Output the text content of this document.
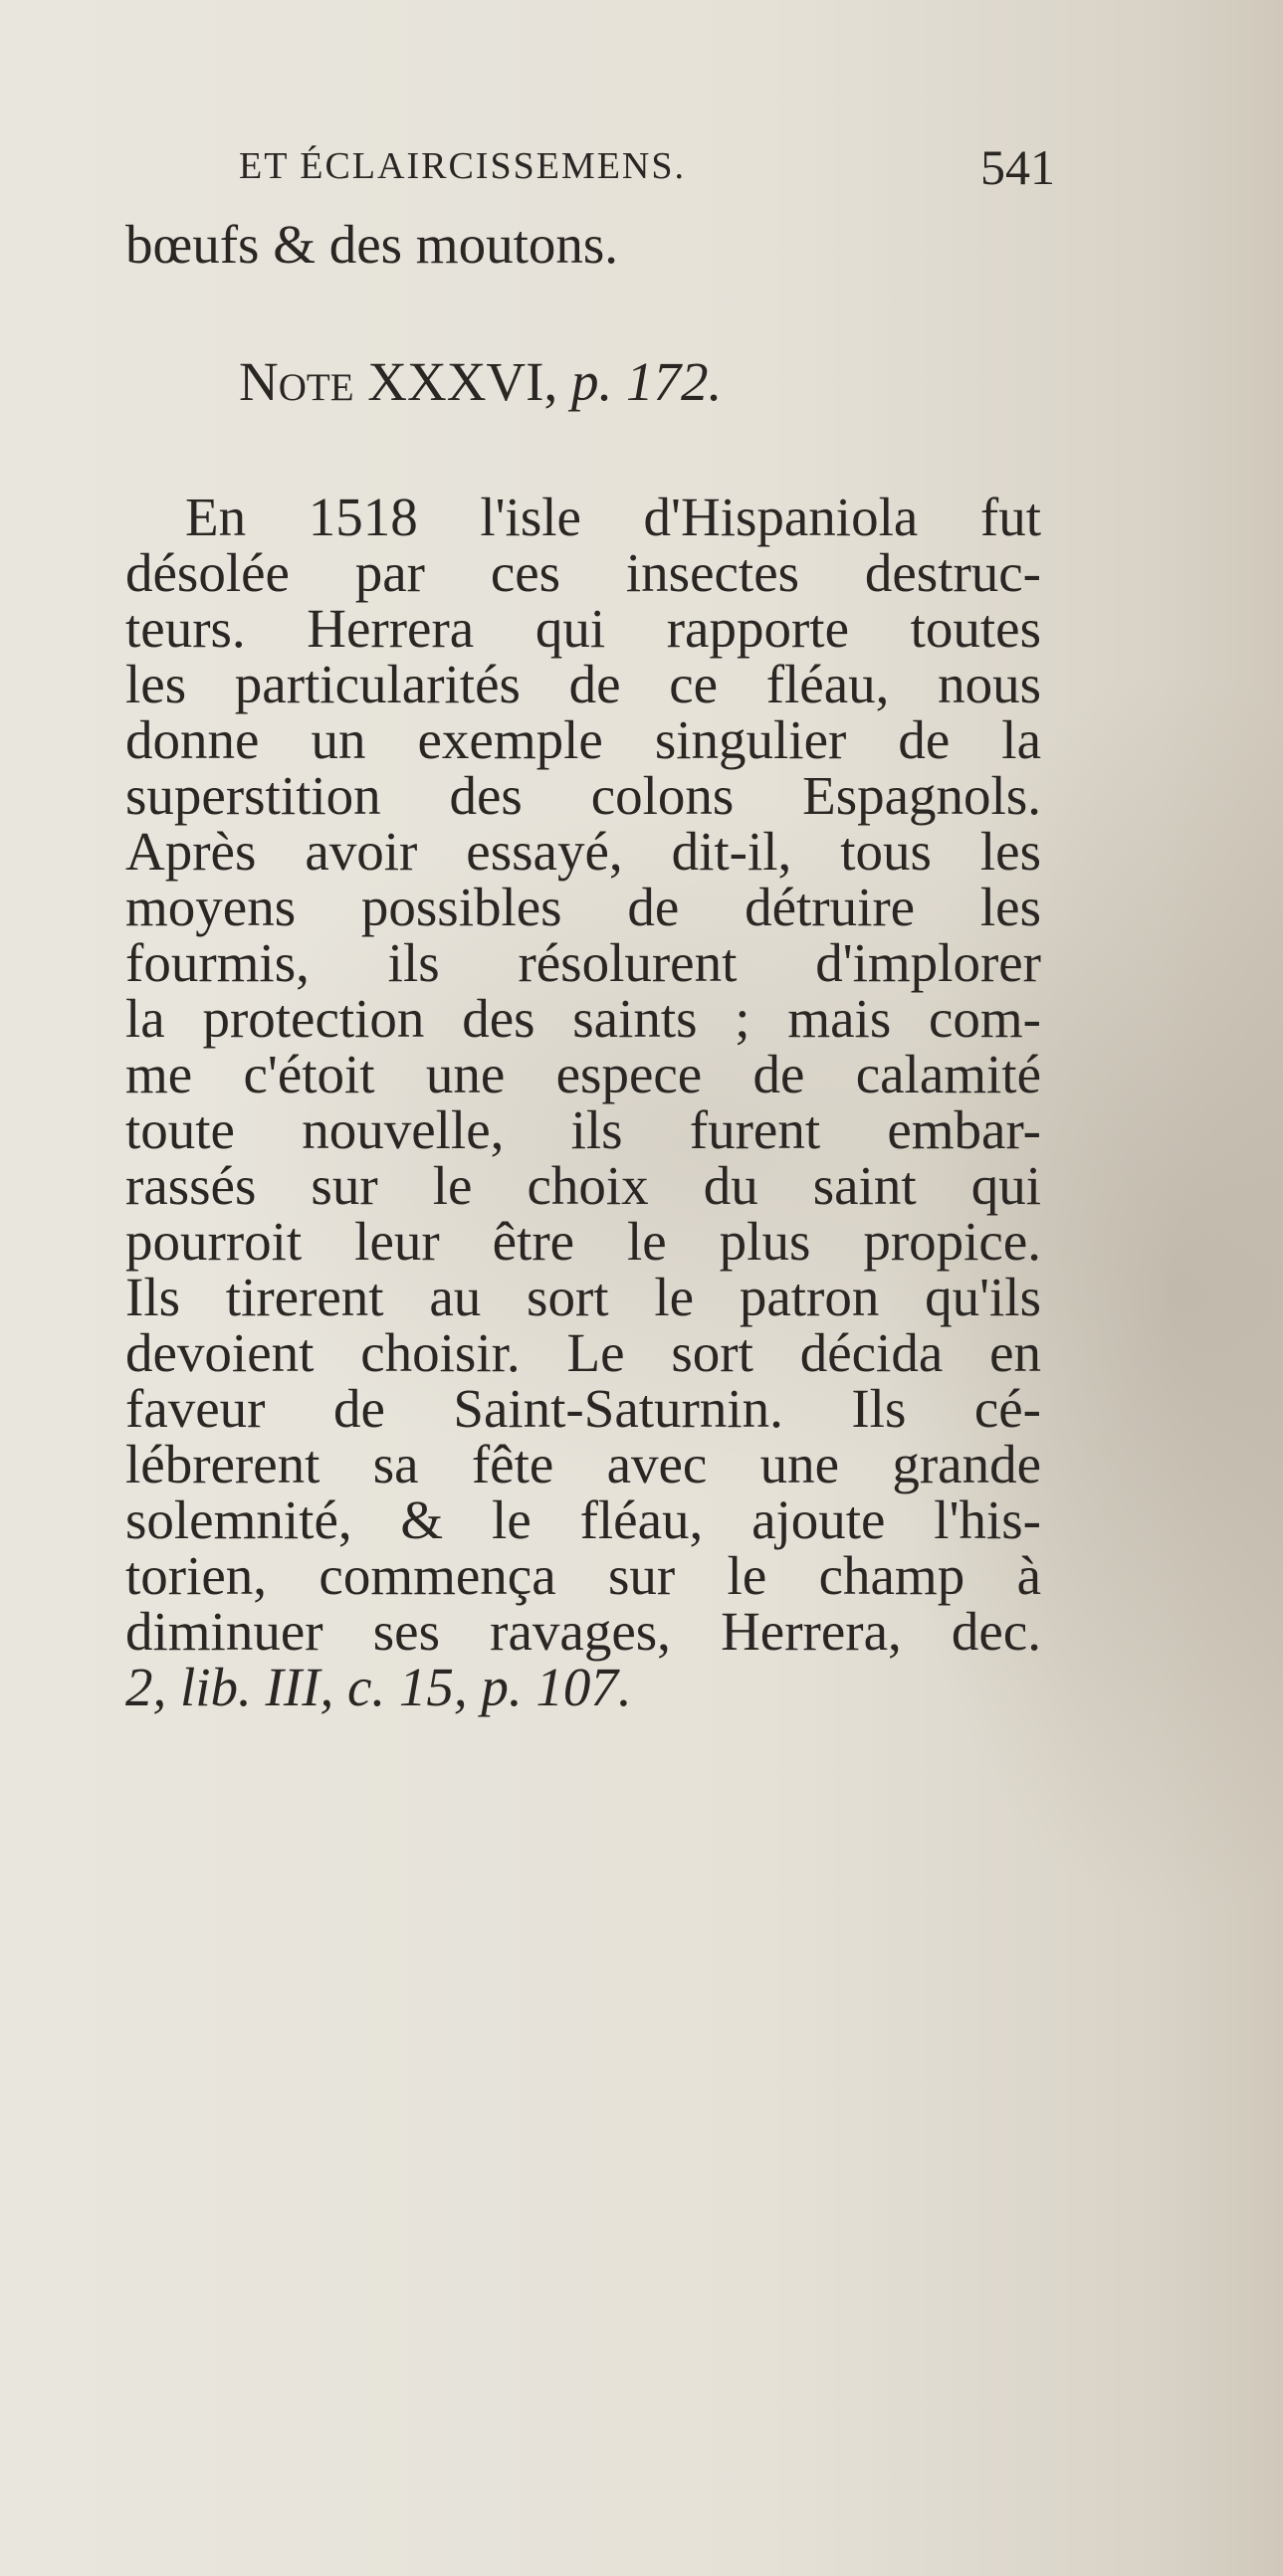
ET ÉCLAIRCISSEMENS.	541
bœufs & des moutons.
Note XXXVI, p. 172.
En 1518 l'isle d'Hispaniola fut
désolée par ces insectes destruc-
teurs. Herrera qui rapporte toutes
les particularités de ce fléau, nous
donne un exemple singulier de la
superstition des colons Espagnols.
Après avoir essayé, dit-il, tous les
moyens possibles de détruire les
fourmis, ils résolurent d'implorer
la protection des saints ; mais com-
me c'étoit une espece de calamité
toute nouvelle, ils furent embar-
rassés sur le choix du saint qui
pourroit leur être le plus propice.
Ils tirerent au sort le patron qu'ils
devoient choisir. Le sort décida en
faveur de Saint-Saturnin. Ils cé-
lébrerent sa fête avec une grande
solemnité, & le fléau, ajoute l'his-
torien, commença sur le champ à
diminuer ses ravages, Herrera, dec.
2, lib. III, c. 15, p. 107.
